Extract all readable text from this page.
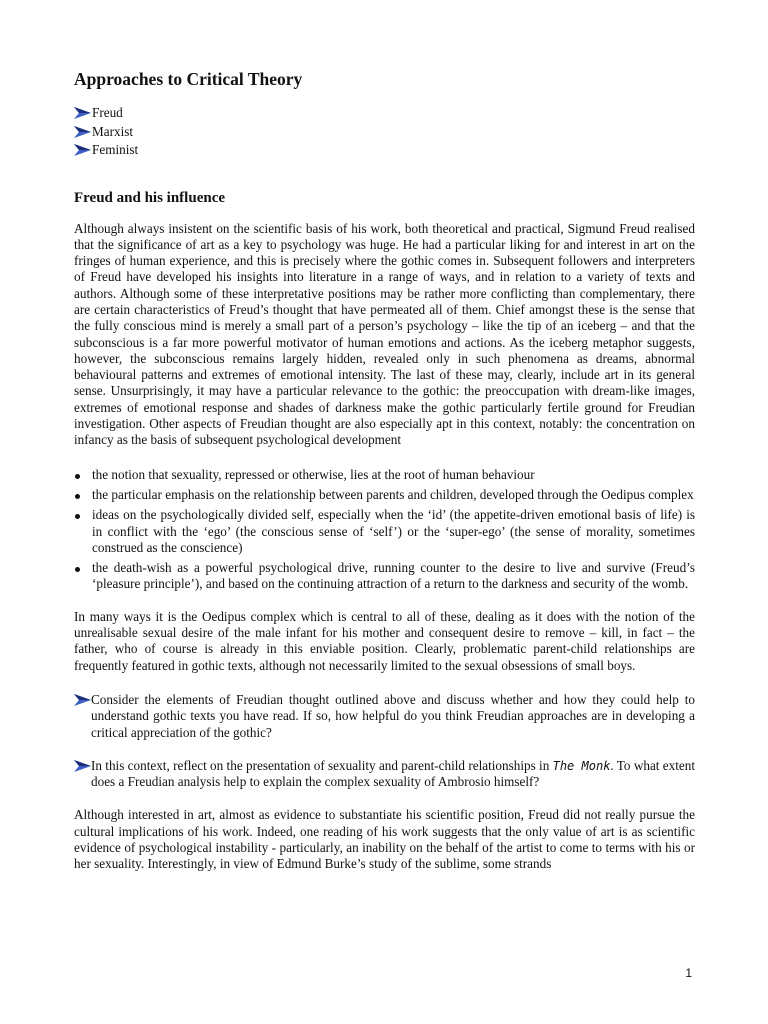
Approaches to Critical Theory
Freud
Marxist
Feminist
Freud and his influence

Although always insistent on the scientific basis of his work, both theoretical and practical, Sigmund Freud realised that the significance of art as a key to psychology was huge. He had a particular liking for and interest in art on the fringes of human experience, and this is precisely where the gothic comes in. Subsequent followers and interpreters of Freud have developed his insights into literature in a range of ways, and in relation to a variety of texts and authors. Although some of these interpretative positions may be rather more conflicting than complementary, there are certain characteristics of Freud’s thought that have permeated all of them. Chief amongst these is the sense that the fully conscious mind is merely a small part of a person’s psychology – like the tip of an iceberg – and that the subconscious is a far more powerful motivator of human emotions and actions. As the iceberg metaphor suggests, however, the subconscious remains largely hidden, revealed only in such phenomena as dreams, abnormal behavioural patterns and extremes of emotional intensity. The last of these may, clearly, include art in its general sense. Unsurprisingly, it may have a particular relevance to the gothic: the preoccupation with dream-like images, extremes of emotional response and shades of darkness make the gothic particularly fertile ground for Freudian investigation. Other aspects of Freudian thought are also especially apt in this context, notably: the concentration on infancy as the basis of subsequent psychological development

the notion that sexuality, repressed or otherwise, lies at the root of human behaviour
the particular emphasis on the relationship between parents and children, developed through the Oedipus complex
ideas on the psychologically divided self, especially when the ‘id’ (the appetite-driven emotional basis of life) is in conflict with the ‘ego’ (the conscious sense of ‘self’) or the ‘super-ego’ (the sense of morality, sometimes construed as the conscience)
the death-wish as a powerful psychological drive, running counter to the desire to live and survive (Freud’s ‘pleasure principle’), and based on the continuing attraction of a return to the darkness and security of the womb.

In many ways it is the Oedipus complex which is central to all of these, dealing as it does with the notion of the unrealisable sexual desire of the male infant for his mother and consequent desire to remove – kill, in fact – the father, who of course is already in this enviable position. Clearly, problematic parent-child relationships are frequently featured in gothic texts, although not necessarily limited to the sexual obsessions of small boys.

Consider the elements of Freudian thought outlined above and discuss whether and how they could help to understand gothic texts you have read. If so, how helpful do you think Freudian approaches are in developing a critical appreciation of the gothic?

In this context, reflect on the presentation of sexuality and parent-child relationships in The Monk. To what extent does a Freudian analysis help to explain the complex sexuality of Ambrosio himself?

Although interested in art, almost as evidence to substantiate his scientific position, Freud did not really pursue the cultural implications of his work. Indeed, one reading of his work suggests that the only value of art is as scientific evidence of psychological instability - particularly, an inability on the behalf of the artist to come to terms with his or her sexuality. Interestingly, in view of Edmund Burke’s study of the sublime, some strands

1
